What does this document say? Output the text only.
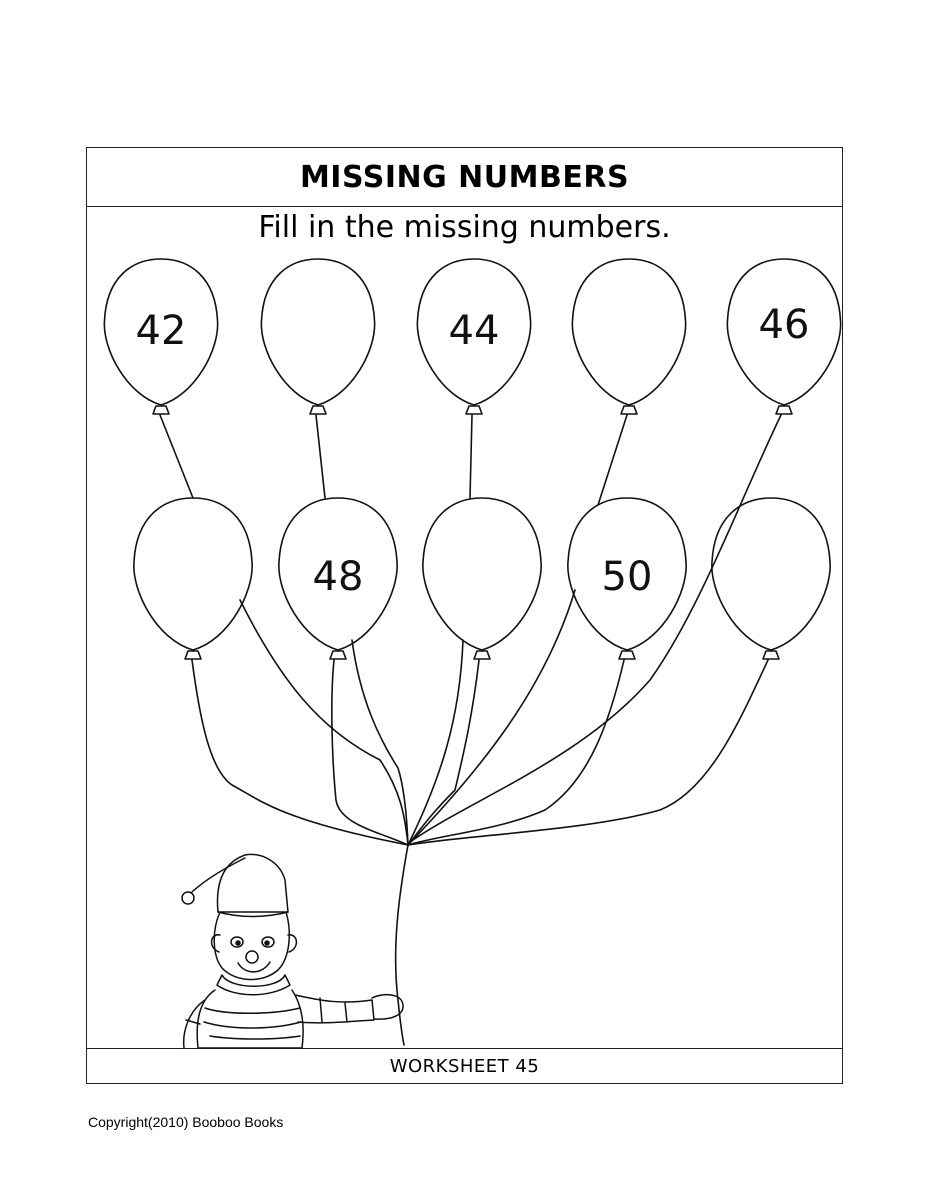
MISSING NUMBERS
Fill in the missing numbers.
WORKSHEET 45
42	44	46
48	50
Copyright(2010) Booboo Books
